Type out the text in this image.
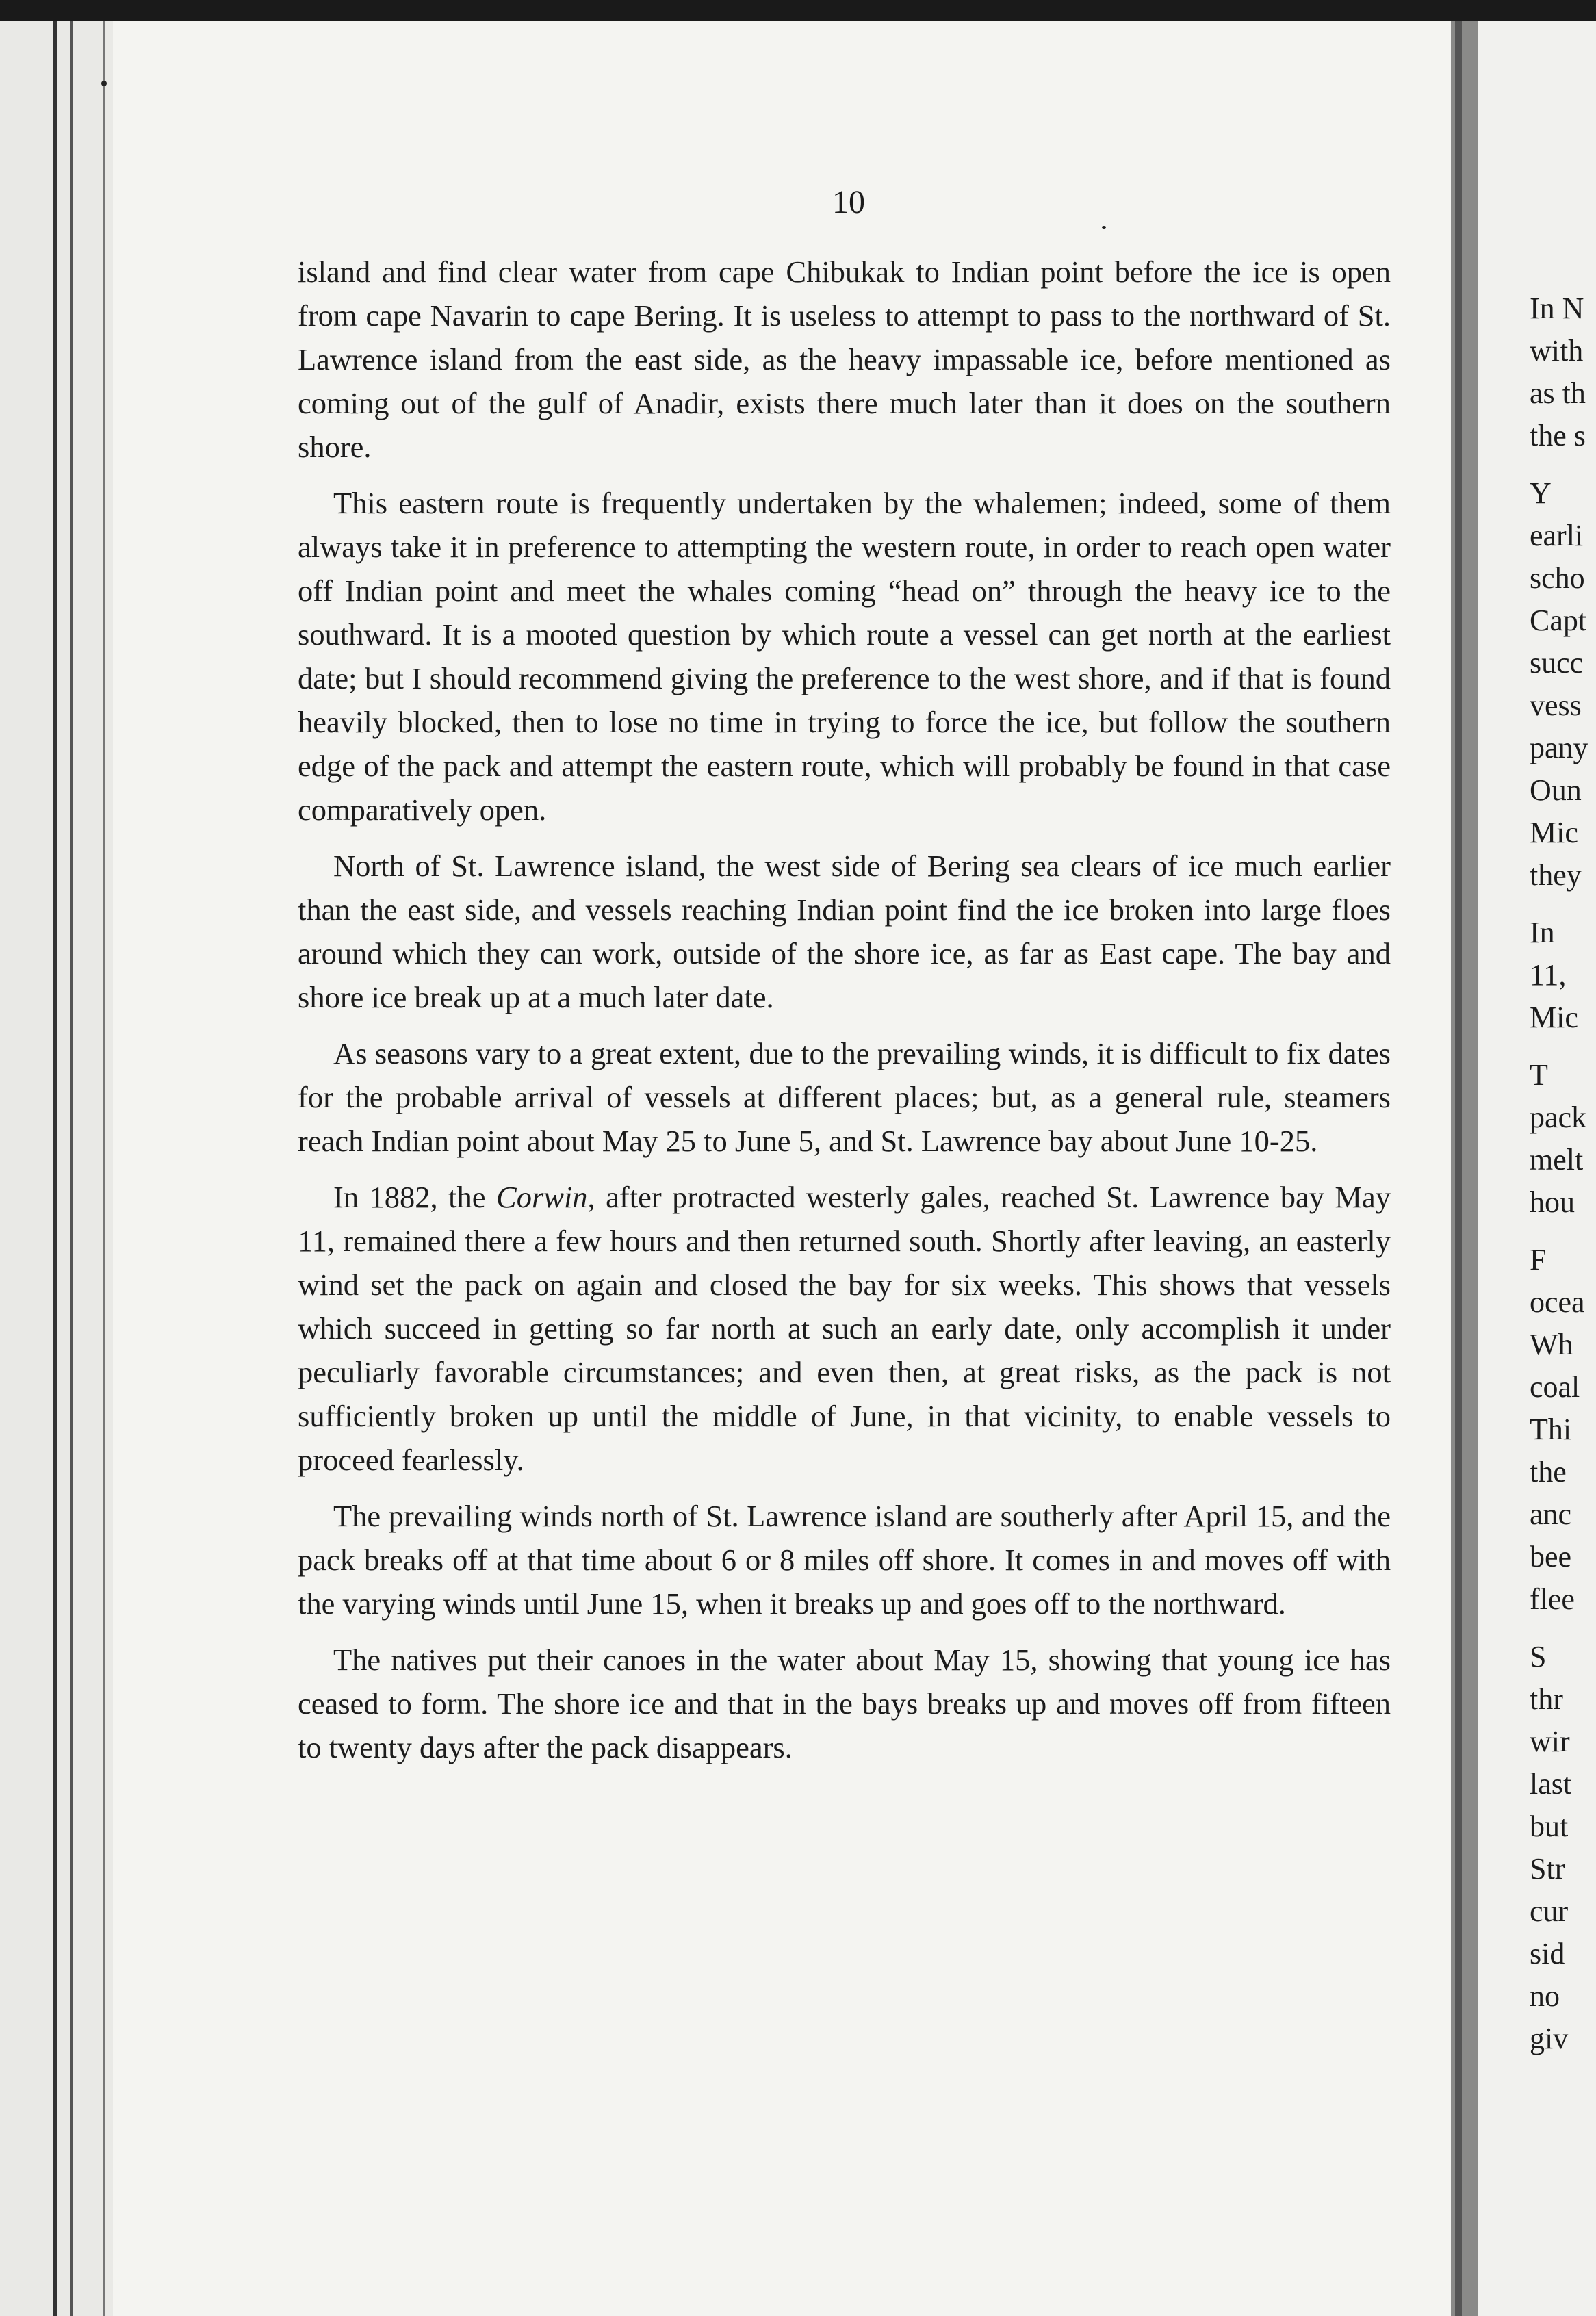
10

island and find clear water from cape Chibukak to Indian point before the ice is open from cape Navarin to cape Bering. It is useless to attempt to pass to the northward of St. Lawrence island from the east side, as the heavy impassable ice, before mentioned as coming out of the gulf of Anadir, exists there much later than it does on the southern shore.

This eastern route is frequently undertaken by the whalemen; indeed, some of them always take it in preference to attempting the western route, in order to reach open water off Indian point and meet the whales coming “head on” through the heavy ice to the southward. It is a mooted question by which route a vessel can get north at the earliest date; but I should recommend giving the preference to the west shore, and if that is found heavily blocked, then to lose no time in trying to force the ice, but follow the southern edge of the pack and attempt the eastern route, which will probably be found in that case comparatively open.

North of St. Lawrence island, the west side of Bering sea clears of ice much earlier than the east side, and vessels reaching Indian point find the ice broken into large floes around which they can work, outside of the shore ice, as far as East cape. The bay and shore ice break up at a much later date.

As seasons vary to a great extent, due to the prevailing winds, it is difficult to fix dates for the probable arrival of vessels at different places; but, as a general rule, steamers reach Indian point about May 25 to June 5, and St. Lawrence bay about June 10-25.

In 1882, the Corwin, after protracted westerly gales, reached St. Lawrence bay May 11, remained there a few hours and then returned south. Shortly after leaving, an easterly wind set the pack on again and closed the bay for six weeks. This shows that vessels which succeed in getting so far north at such an early date, only accomplish it under peculiarly favorable circumstances; and even then, at great risks, as the pack is not sufficiently broken up until the middle of June, in that vicinity, to enable vessels to proceed fearlessly.

The prevailing winds north of St. Lawrence island are southerly after April 15, and the pack breaks off at that time about 6 or 8 miles off shore. It comes in and moves off with the varying winds until June 15, when it breaks up and goes off to the northward.

The natives put their canoes in the water about May 15, showing that young ice has ceased to form. The shore ice and that in the bays breaks up and moves off from fifteen to twenty days after the pack disappears.

In N
with
as th
the s
Y
earli
scho
Capt
succ
vess
pany
Oun
Mic
they
In
11,
Mic
T
pack
melt
hou
F
ocea
Wh
coal
Thi
the
anc
bee
flee
S
thr
wir
last
but
Str
cur
sid
no
giv
